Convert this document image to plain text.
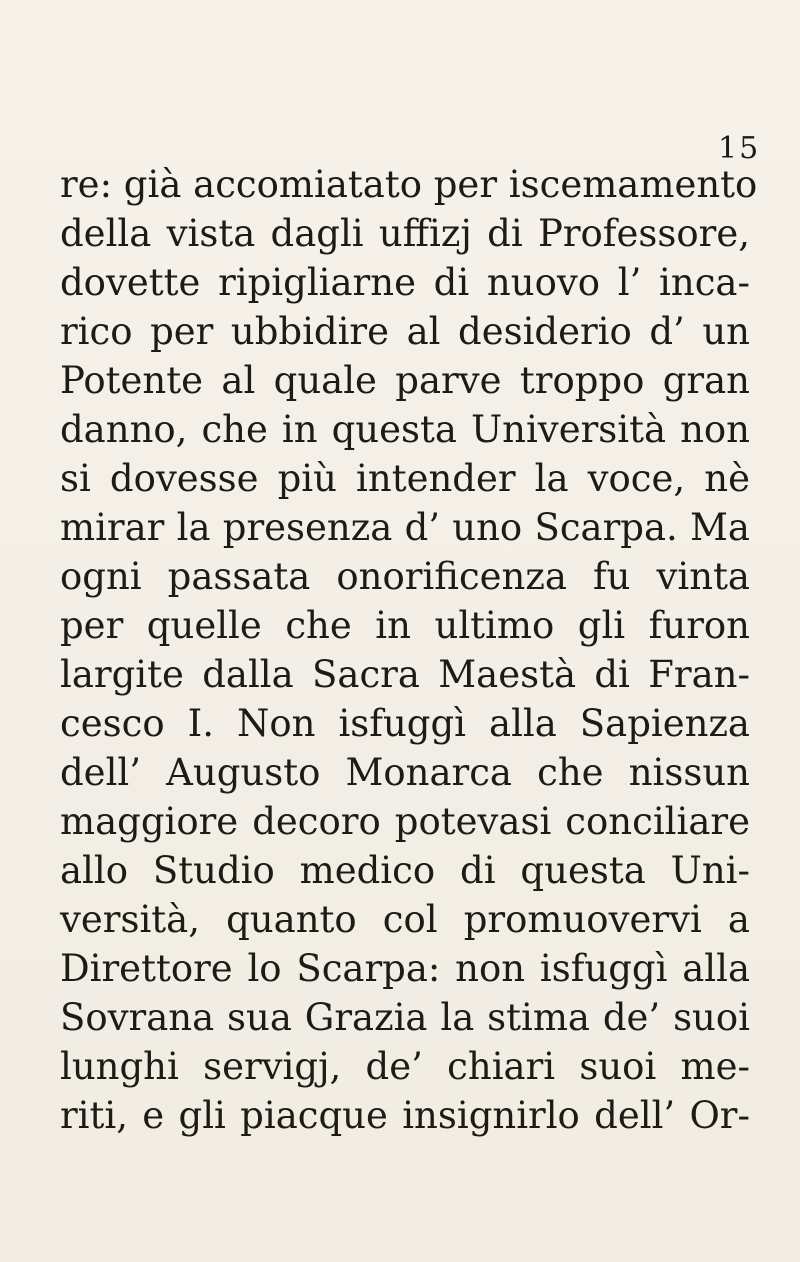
15
re: già accomiatato per iscemamento
della vista dagli uffizj di Professore,
dovette ripigliarne di nuovo l’ inca-
rico per ubbidire al desiderio d’ un
Potente al quale parve troppo gran
danno, che in questa Università non
si dovesse più intender la voce, nè
mirar la presenza d’ uno Scarpa. Ma
ogni passata onorificenza fu vinta
per quelle che in ultimo gli furon
largite dalla Sacra Maestà di Fran-
cesco I. Non isfuggì alla Sapienza
dell’ Augusto Monarca che nissun
maggiore decoro potevasi conciliare
allo Studio medico di questa Uni-
versità, quanto col promuovervi a
Direttore lo Scarpa: non isfuggì alla
Sovrana sua Grazia la stima de’ suoi
lunghi servigj, de’ chiari suoi me-
riti, e gli piacque insignirlo dell’ Or-
